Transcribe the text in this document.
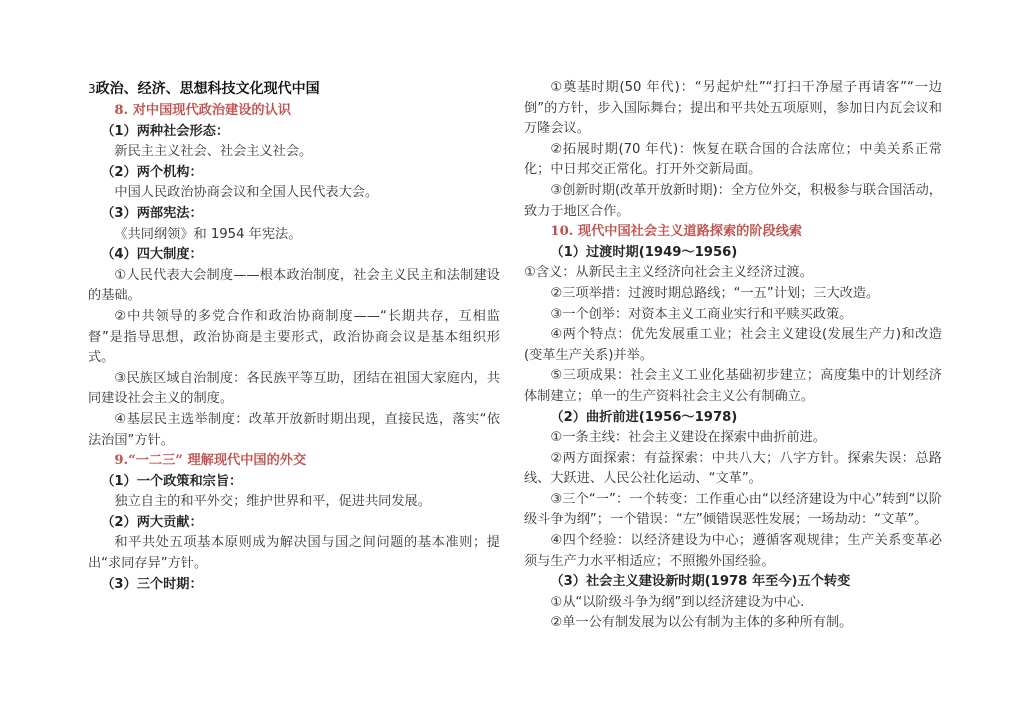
3政治、经济、思想科技文化现代中国

8. 对中国现代政治建设的认识

（1）两种社会形态：

新民主主义社会、社会主义社会。

（2）两个机构：

中国人民政治协商会议和全国人民代表大会。

（3）两部宪法：

《共同纲领》和 1954 年宪法。

（4）四大制度：

①人民代表大会制度——根本政治制度，社会主义民主和法制建设的基础。

②中共领导的多党合作和政治协商制度——“长期共存，互相监督”是指导思想，政治协商是主要形式，政治协商会议是基本组织形式。

③民族区域自治制度：各民族平等互助，团结在祖国大家庭内，共同建设社会主义的制度。

④基层民主选举制度：改革开放新时期出现，直接民选，落实“依法治国”方针。

9.“一二三” 理解现代中国的外交

（1）一个政策和宗旨：

独立自主的和平外交；维护世界和平，促进共同发展。

（2）两大贡献：

和平共处五项基本原则成为解决国与国之间问题的基本准则；提出“求同存异”方针。

（3）三个时期：

①奠基时期(50 年代)：“另起炉灶”“打扫干净屋子再请客”“一边倒”的方针，步入国际舞台；提出和平共处五项原则，参加日内瓦会议和万隆会议。

②拓展时期(70 年代)：恢复在联合国的合法席位；中美关系正常化；中日邦交正常化。打开外交新局面。

③创新时期(改革开放新时期)：全方位外交，积极参与联合国活动，致力于地区合作。

10. 现代中国社会主义道路探索的阶段线索

（1）过渡时期(1949～1956)

①含义：从新民主主义经济向社会主义经济过渡。

②三项举措：过渡时期总路线；“一五”计划；三大改造。

③一个创举：对资本主义工商业实行和平赎买政策。

④两个特点：优先发展重工业；社会主义建设(发展生产力)和改造(变革生产关系)并举。

⑤三项成果：社会主义工业化基础初步建立；高度集中的计划经济体制建立；单一的生产资料社会主义公有制确立。

（2）曲折前进(1956～1978)

①一条主线：社会主义建设在探索中曲折前进。

②两方面探索：有益探索：中共八大；八字方针。探索失误：总路线、大跃进、人民公社化运动、“文革”。

③三个“一”：一个转变：工作重心由“以经济建设为中心”转到“以阶级斗争为纲”；一个错误：“左”倾错误恶性发展；一场劫动：“文革”。

④四个经验：以经济建设为中心；遵循客观规律；生产关系变革必须与生产力水平相适应；不照搬外国经验。

（3）社会主义建设新时期(1978 年至今)五个转变

①从“以阶级斗争为纲”到以经济建设为中心.

②单一公有制发展为以公有制为主体的多种所有制。
